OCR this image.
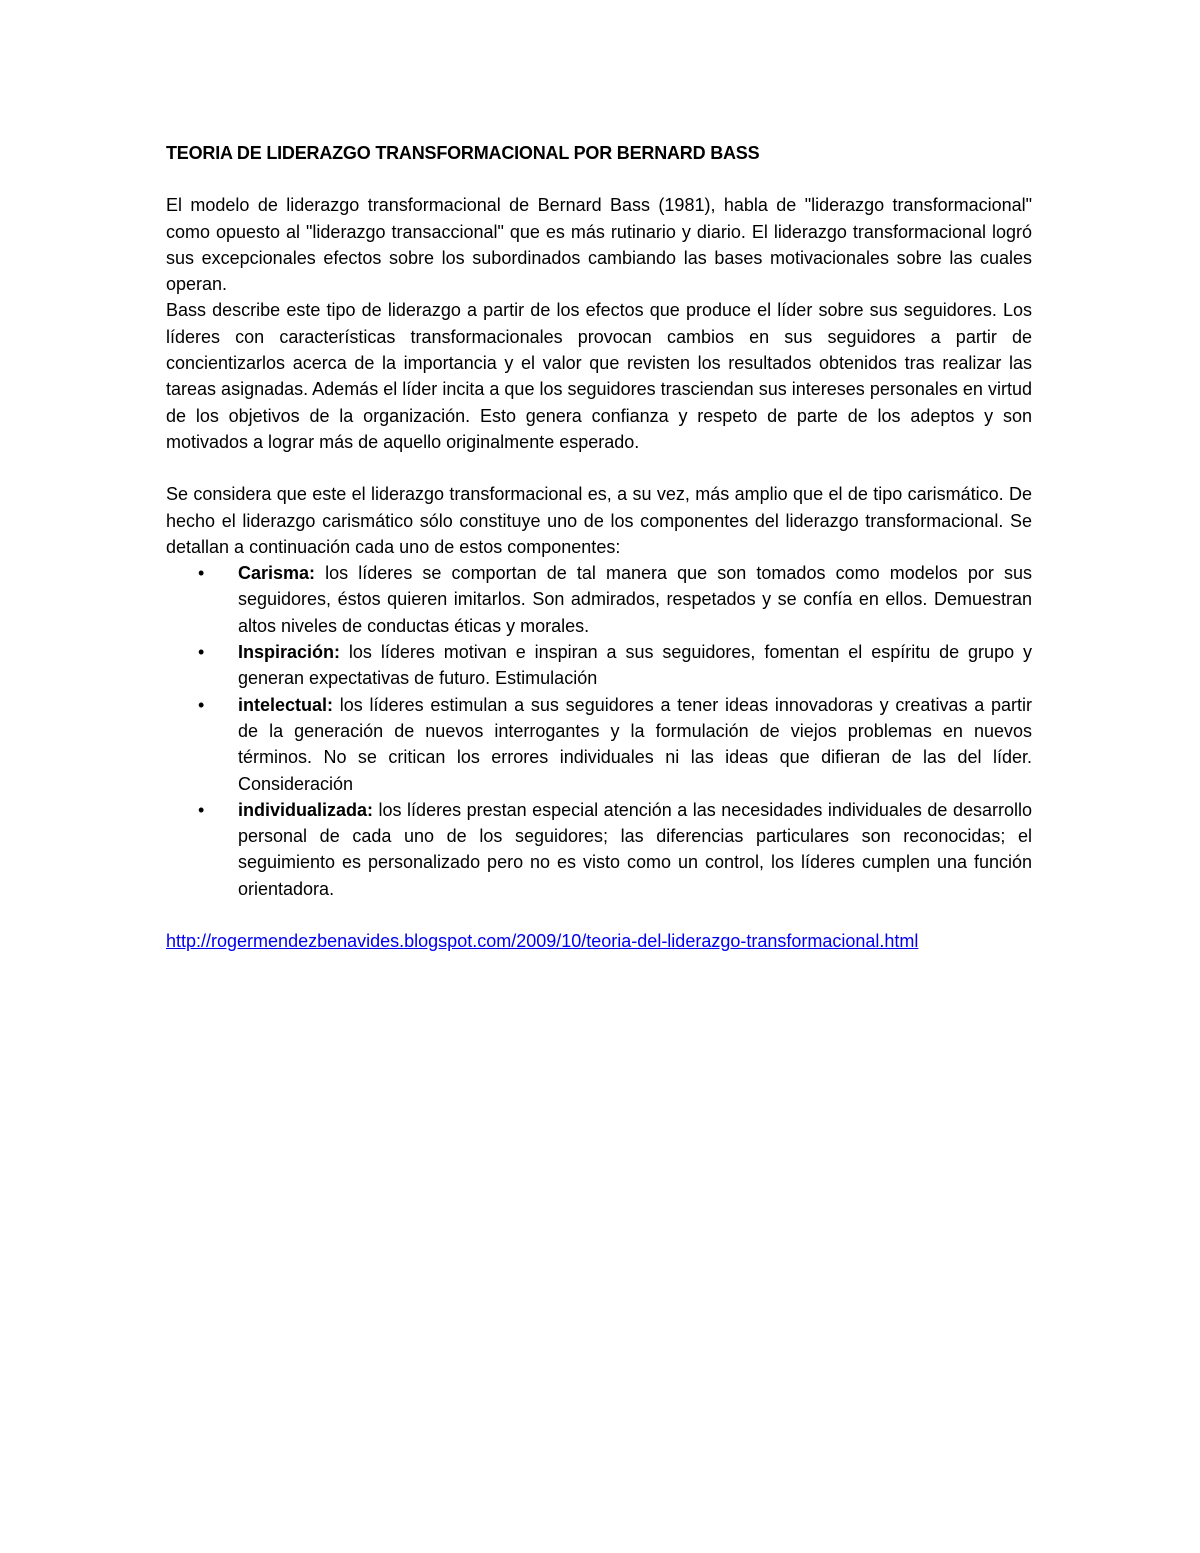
TEORIA DE LIDERAZGO TRANSFORMACIONAL POR BERNARD BASS

El modelo de liderazgo transformacional de Bernard Bass (1981), habla de "liderazgo transformacional" como opuesto al "liderazgo transaccional" que es más rutinario y diario. El liderazgo transformacional logró sus excepcionales efectos sobre los subordinados cambiando las bases motivacionales sobre las cuales operan.

Bass describe este tipo de liderazgo a partir de los efectos que produce el líder sobre sus seguidores. Los líderes con características transformacionales provocan cambios en sus seguidores a partir de concientizarlos acerca de la importancia y el valor que revisten los resultados obtenidos tras realizar las tareas asignadas. Además el líder incita a que los seguidores trasciendan sus intereses personales en virtud de los objetivos de la organización. Esto genera confianza y respeto de parte de los adeptos y son motivados a lograr más de aquello originalmente esperado.

Se considera que este el liderazgo transformacional es, a su vez, más amplio que el de tipo carismático. De hecho el liderazgo carismático sólo constituye uno de los componentes del liderazgo transformacional. Se detallan a continuación cada uno de estos componentes:

• Carisma: los líderes se comportan de tal manera que son tomados como modelos por sus seguidores, éstos quieren imitarlos. Son admirados, respetados y se confía en ellos. Demuestran altos niveles de conductas éticas y morales.
• Inspiración: los líderes motivan e inspiran a sus seguidores, fomentan el espíritu de grupo y generan expectativas de futuro. Estimulación
• intelectual: los líderes estimulan a sus seguidores a tener ideas innovadoras y creativas a partir de la generación de nuevos interrogantes y la formulación de viejos problemas en nuevos términos. No se critican los errores individuales ni las ideas que difieran de las del líder. Consideración
• individualizada: los líderes prestan especial atención a las necesidades individuales de desarrollo personal de cada uno de los seguidores; las diferencias particulares son reconocidas; el seguimiento es personalizado pero no es visto como un control, los líderes cumplen una función orientadora.
http://rogermendezbenavides.blogspot.com/2009/10/teoria-del-liderazgo-transformacional.html
